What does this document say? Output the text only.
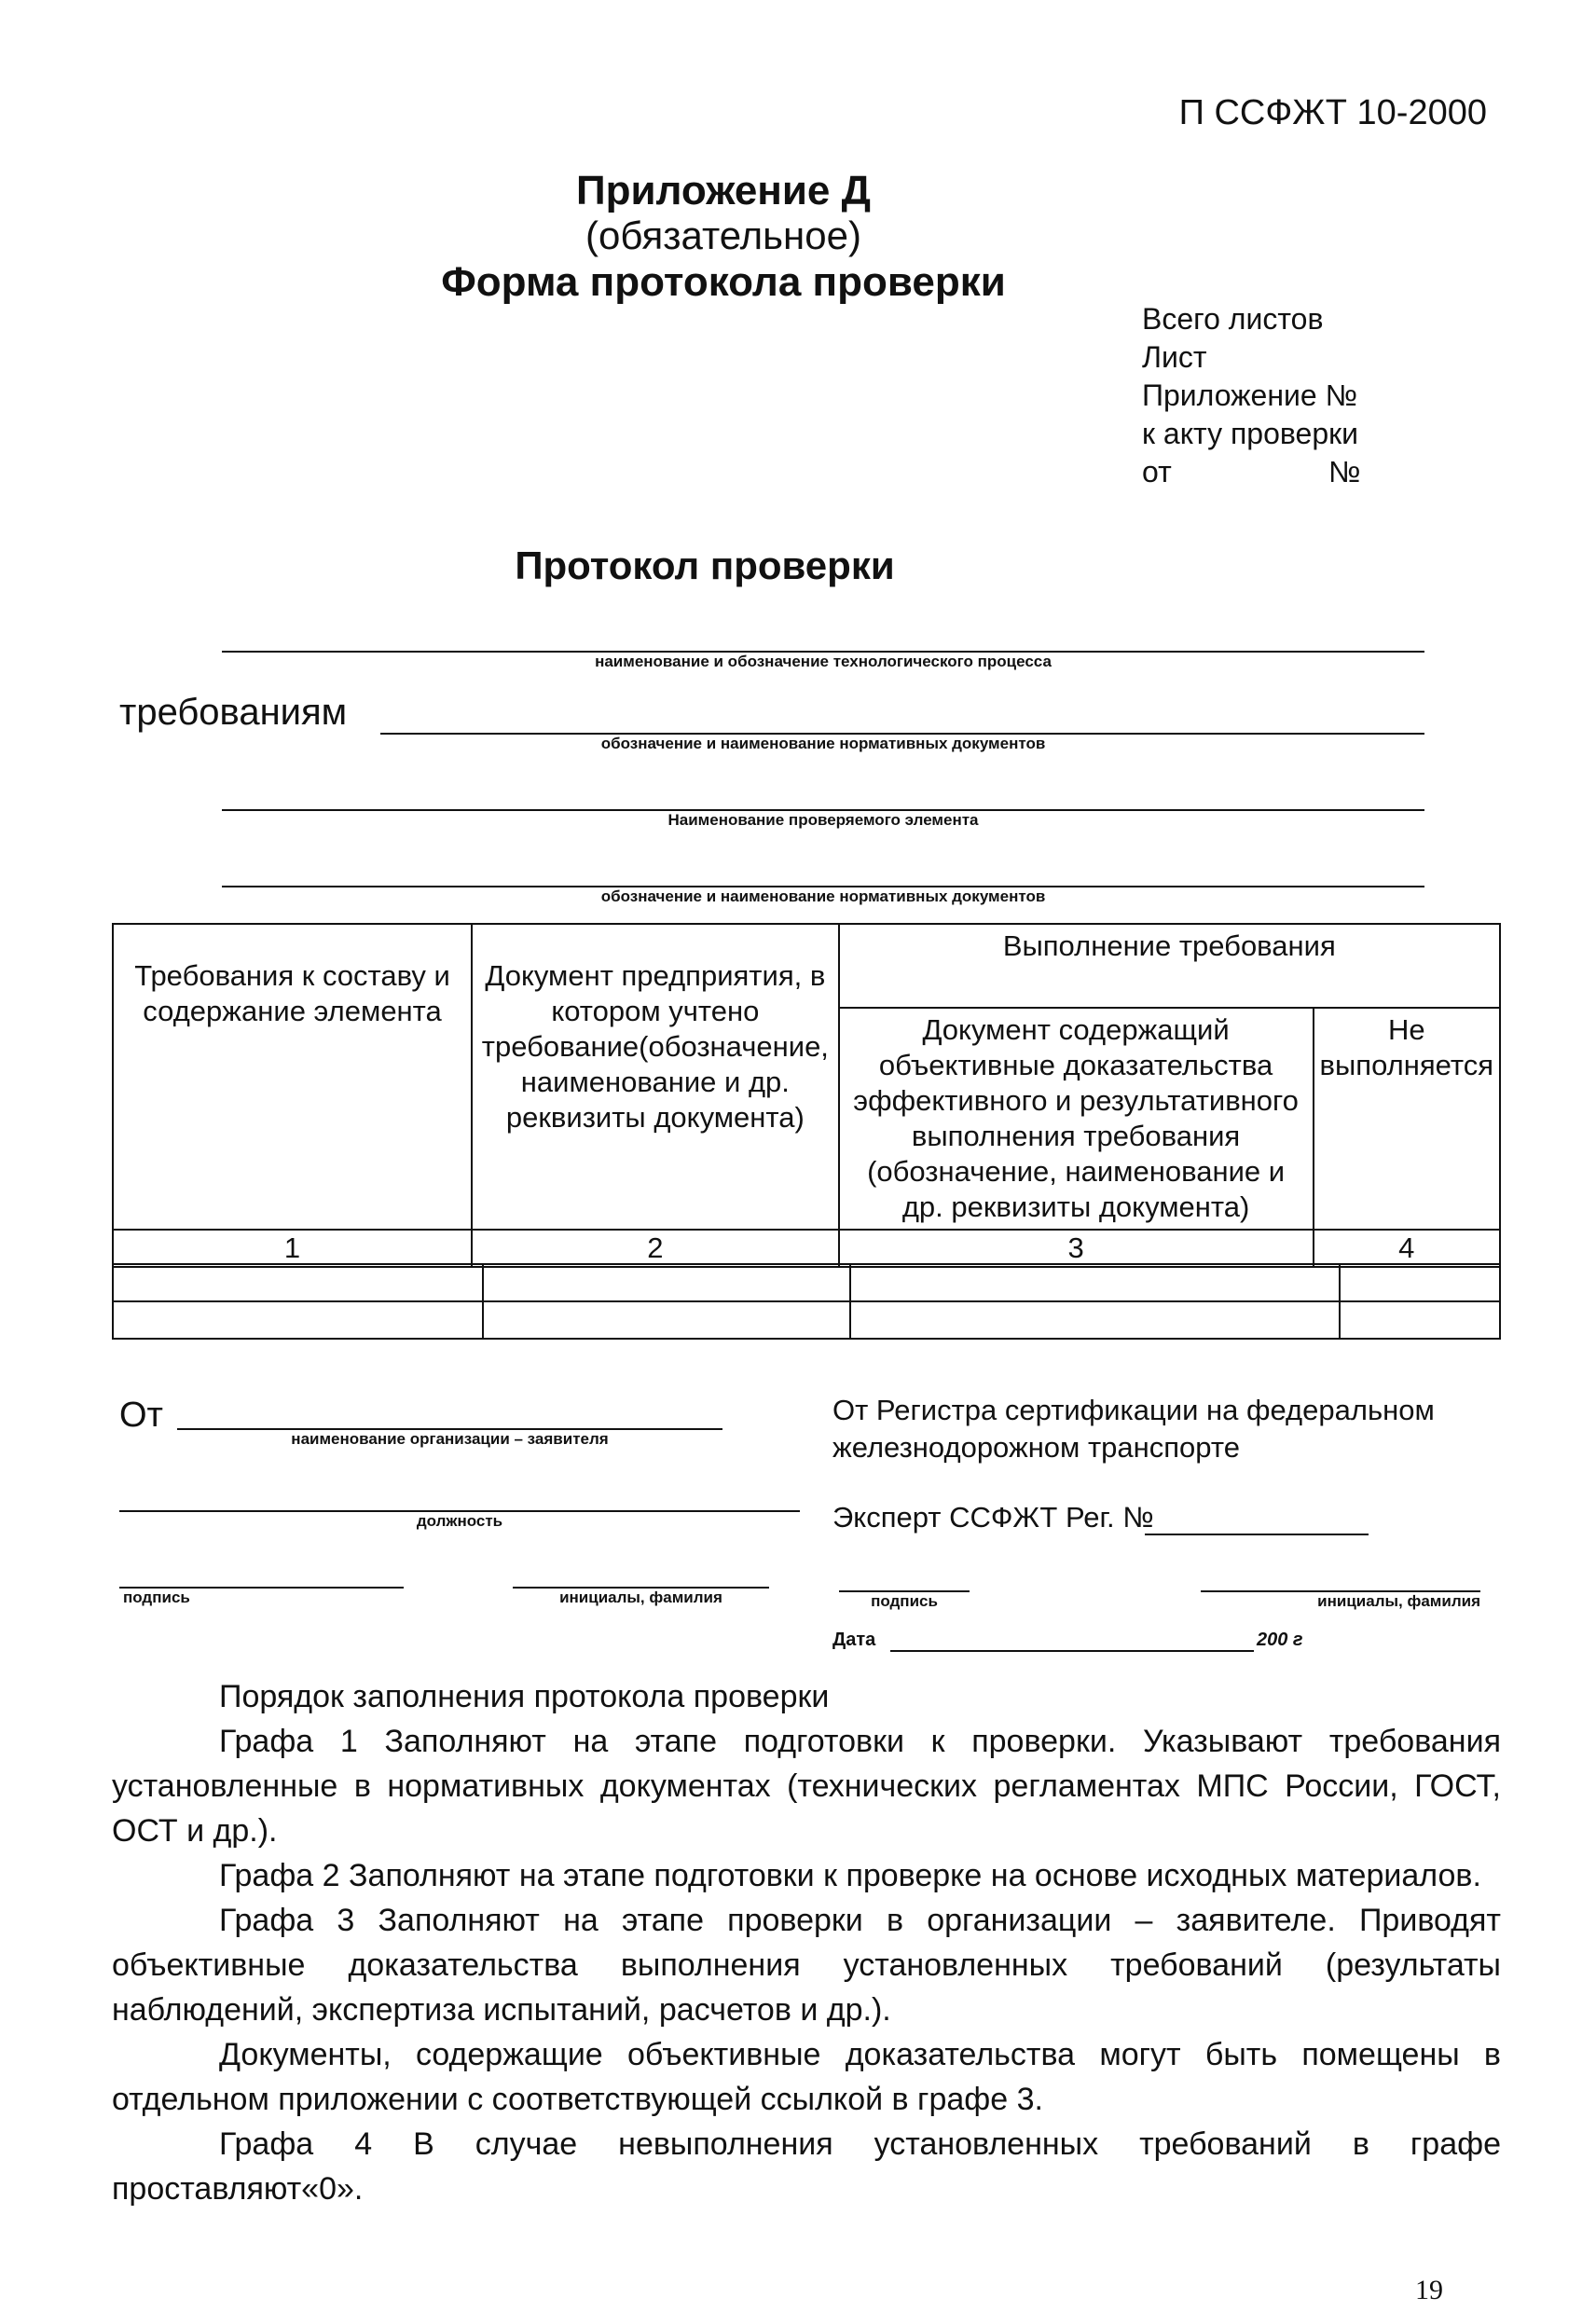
П ССФЖТ 10-2000
Приложение Д
(обязательное)
Форма протокола проверки
Всего листов
Лист
Приложение №
к акту проверки
от	№
Протокол проверки
наименование и обозначение технологического процесса
требованиям
обозначение и наименование нормативных документов
Наименование проверяемого элемента
обозначение и наименование нормативных документов
Требования к составу и содержание элемента	Документ предприятия, в котором учтено требование(обозначение, наименование и др. реквизиты документа)	Выполнение требования	
		Документ содержащий объективные доказательства эффективного и результативного выполнения требования (обозначение, наименование и др. реквизиты документа)	Не выполняется
1	2	3	4

От
наименование организации – заявителя
должность
подпись	инициалы, фамилия
От Регистра сертификации на федеральном железнодорожном транспорте
Эксперт ССФЖТ Рег. №
подпись	инициалы, фамилия
Дата	200 г

Порядок заполнения протокола проверки

Графа 1 Заполняют на этапе подготовки к проверки. Указывают требования установленные в нормативных документах (технических регламентах МПС России, ГОСТ, ОСТ и др.).

Графа 2 Заполняют на этапе подготовки к проверке на основе исходных материалов.

Графа 3 Заполняют на этапе проверки в организации – заявителе. Приводят объективные доказательства выполнения установленных требований (результаты наблюдений, экспертиза испытаний, расчетов и др.).

Документы, содержащие объективные доказательства могут быть помещены в отдельном приложении с соответствующей ссылкой в графе 3.

Графа 4 В случае невыполнения установленных требований в графе проставляют«0».

19
